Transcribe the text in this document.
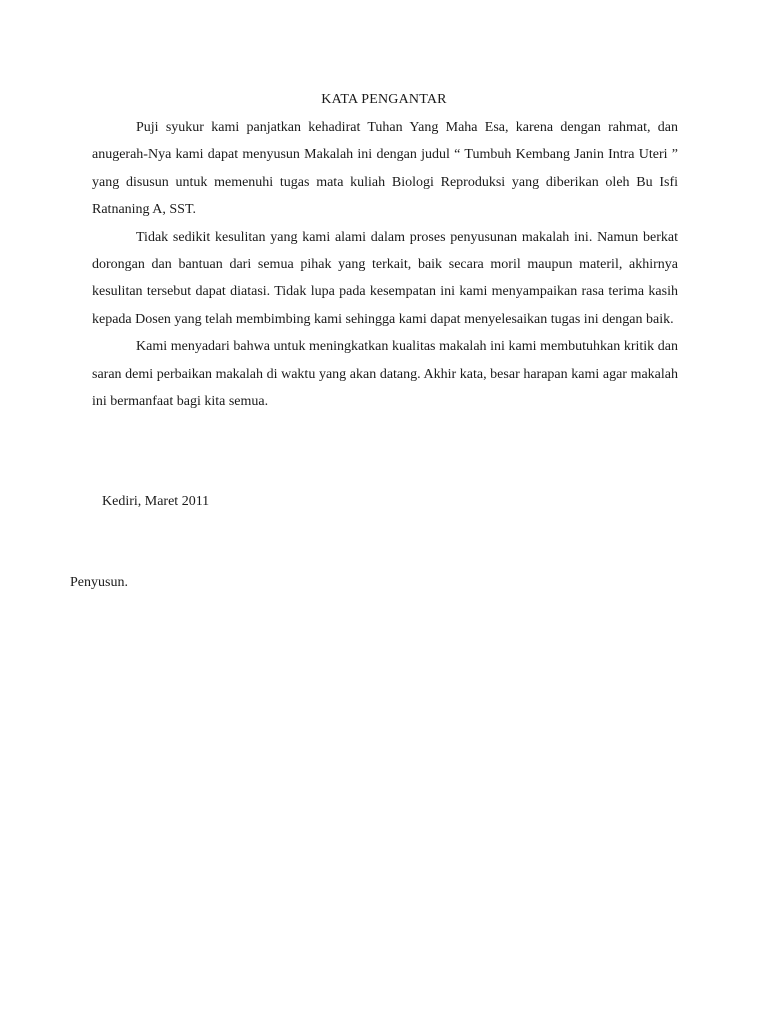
KATA PENGANTAR

Puji syukur kami panjatkan kehadirat Tuhan Yang Maha Esa, karena dengan rahmat, dan anugerah-Nya kami dapat menyusun Makalah ini dengan judul “ Tumbuh Kembang Janin Intra Uteri ” yang disusun untuk memenuhi tugas mata kuliah Biologi Reproduksi yang diberikan oleh Bu Isfi Ratnaning A, SST.

Tidak sedikit kesulitan yang kami alami dalam proses penyusunan makalah ini. Namun berkat dorongan dan bantuan dari semua pihak yang terkait, baik secara moril maupun materil, akhirnya kesulitan tersebut dapat diatasi. Tidak lupa pada kesempatan ini kami menyampaikan rasa terima kasih kepada Dosen yang telah membimbing kami sehingga kami dapat menyelesaikan tugas ini dengan baik.

Kami menyadari bahwa untuk meningkatkan kualitas makalah ini kami membutuhkan kritik dan saran demi perbaikan makalah di waktu yang akan datang. Akhir kata, besar harapan kami agar makalah ini bermanfaat bagi kita semua.

Kediri, Maret 2011
Penyusun.
